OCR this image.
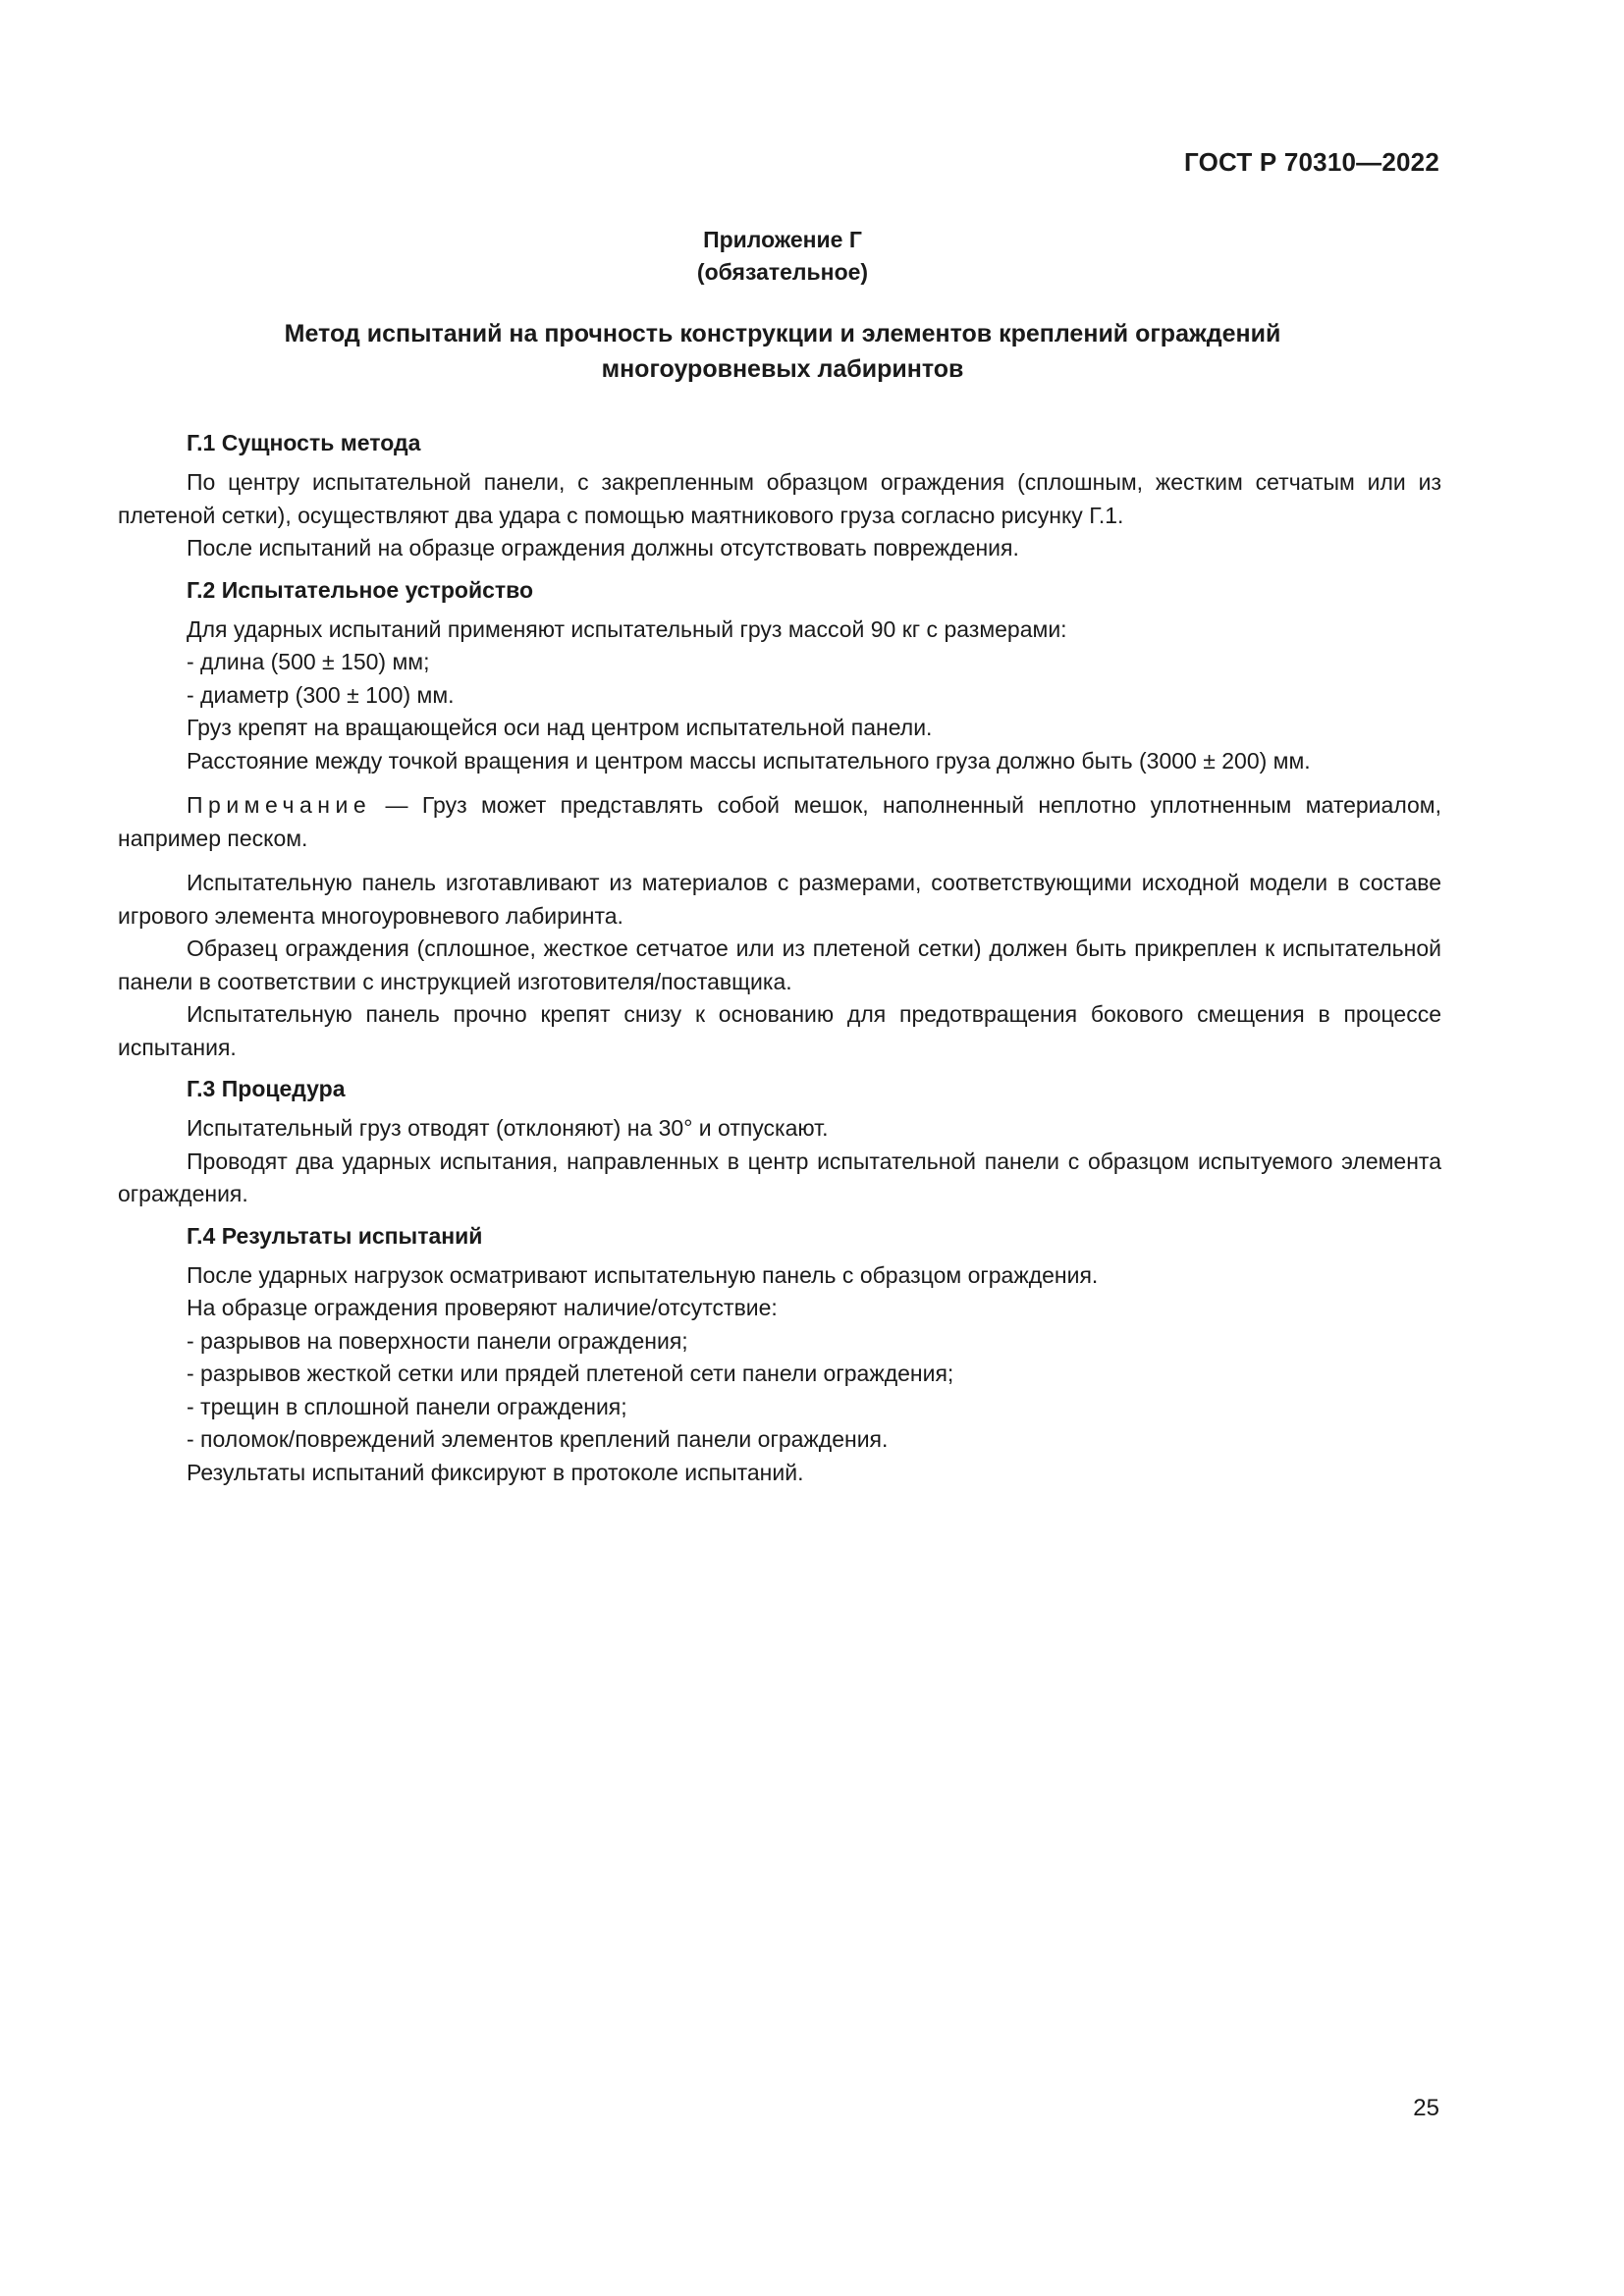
ГОСТ Р 70310—2022
Приложение Г
(обязательное)
Метод испытаний на прочность конструкции и элементов креплений ограждений
многоуровневых лабиринтов
Г.1 Сущность метода

По центру испытательной панели, с закрепленным образцом ограждения (сплошным, жестким сетчатым или из плетеной сетки), осуществляют два удара с помощью маятникового груза согласно рисунку Г.1.

После испытаний на образце ограждения должны отсутствовать повреждения.

Г.2 Испытательное устройство

Для ударных испытаний применяют испытательный груз массой 90 кг с размерами:

- длина (500 ± 150) мм;

- диаметр (300 ± 100) мм.

Груз крепят на вращающейся оси над центром испытательной панели.

Расстояние между точкой вращения и центром массы испытательного груза должно быть (3000 ± 200) мм.

Примечание — Груз может представлять собой мешок, наполненный неплотно уплотненным материалом, например песком.

Испытательную панель изготавливают из материалов с размерами, соответствующими исходной модели в составе игрового элемента многоуровневого лабиринта.

Образец ограждения (сплошное, жесткое сетчатое или из плетеной сетки) должен быть прикреплен к испытательной панели в соответствии с инструкцией изготовителя/поставщика.

Испытательную панель прочно крепят снизу к основанию для предотвращения бокового смещения в процессе испытания.

Г.3 Процедура

Испытательный груз отводят (отклоняют) на 30° и отпускают.

Проводят два ударных испытания, направленных в центр испытательной панели с образцом испытуемого элемента ограждения.

Г.4 Результаты испытаний

После ударных нагрузок осматривают испытательную панель с образцом ограждения.

На образце ограждения проверяют наличие/отсутствие:

- разрывов на поверхности панели ограждения;

- разрывов жесткой сетки или прядей плетеной сети панели ограждения;

- трещин в сплошной панели ограждения;

- поломок/повреждений элементов креплений панели ограждения.

Результаты испытаний фиксируют в протоколе испытаний.

25
